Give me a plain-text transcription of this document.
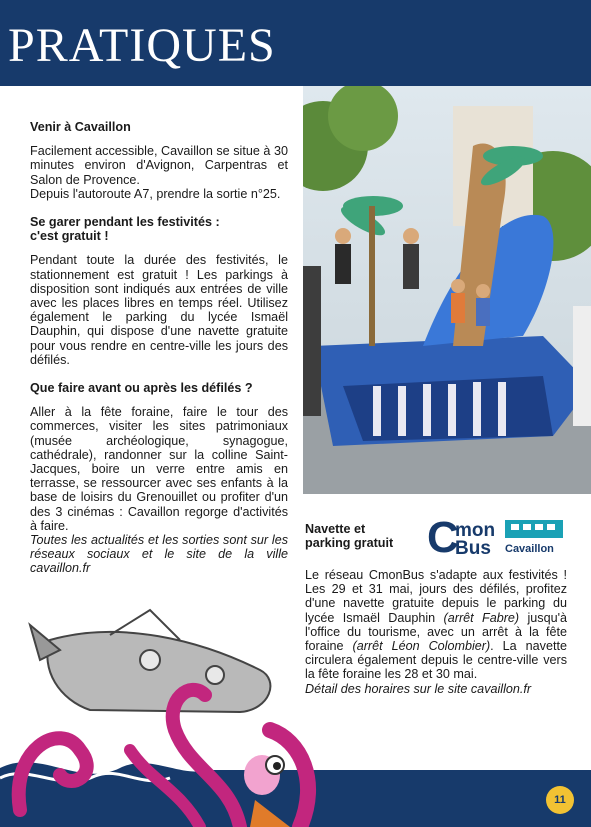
PRATIQUES
Venir à Cavaillon
Facilement accessible, Cavaillon se situe à 30 minutes environ d'Avignon, Carpentras et Salon de Provence.
Depuis l'autoroute A7, prendre la sortie n°25.
Se garer pendant les festivités :
c'est gratuit !
Pendant toute la durée des festivités, le stationnement est gratuit ! Les parkings à disposition sont indiqués aux entrées de ville avec les places libres en temps réel. Utilisez également le parking du lycée Ismaël Dauphin, qui dispose d'une navette gratuite pour vous rendre en centre-ville les jours des défilés.
Que faire avant ou après les défilés ?
Aller à la fête foraine, faire le tour des commerces, visiter les sites patrimoniaux (musée archéologique, synagogue, cathédrale), randonner sur la colline Saint-Jacques, boire un verre entre amis en terrasse, se ressourcer avec ses enfants à la base de loisirs du Grenouillet ou profiter d'un des 3 cinémas : Cavaillon regorge d'activités à faire.
Toutes les actualités et les sorties sont sur les réseaux sociaux et le site de la ville cavaillon.fr
Navette et
parking gratuit C
mon
Bus Cavaillon
Le réseau CmonBus s'adapte aux festivités ! Les 29 et 31 mai, jours des défilés, profitez d'une navette gratuite depuis le parking du lycée Ismaël Dauphin (arrêt Fabre) jusqu'à l'office du tourisme, avec un arrêt à la fête foraine (arrêt Léon Colombier). La navette circulera également depuis le centre-ville vers la fête foraine les 28 et 30 mai.
Détail des horaires sur le site cavaillon.fr
11
